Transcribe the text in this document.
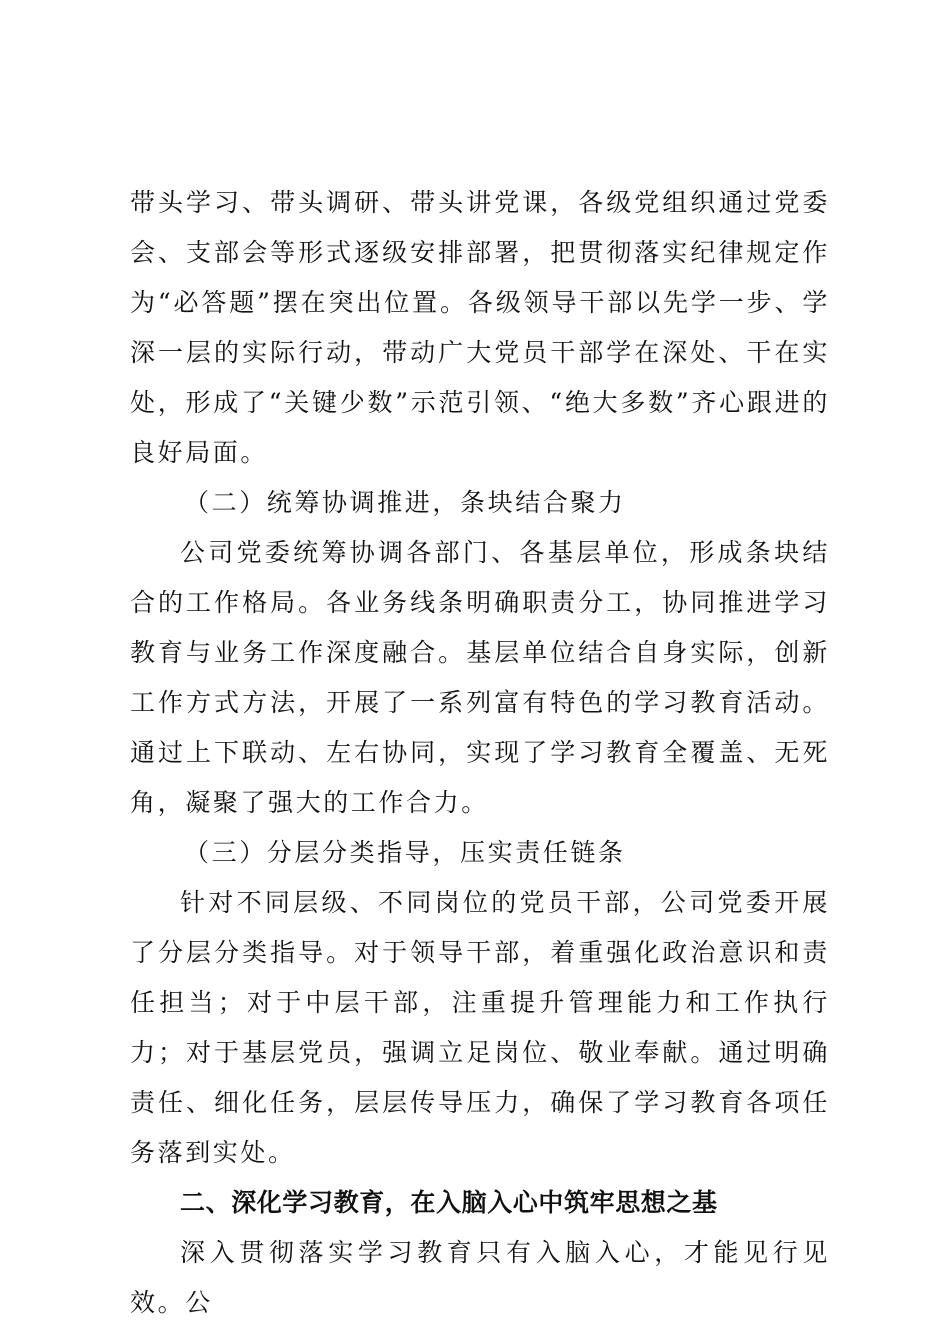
带头学习、带头调研、带头讲党课，各级党组织通过党委会、支部会等形式逐级安排部署，把贯彻落实纪律规定作为“必答题”摆在突出位置。各级领导干部以先学一步、学深一层的实际行动，带动广大党员干部学在深处、干在实处，形成了“关键少数”示范引领、“绝大多数”齐心跟进的良好局面。

（二）统筹协调推进，条块结合聚力

公司党委统筹协调各部门、各基层单位，形成条块结合的工作格局。各业务线条明确职责分工，协同推进学习教育与业务工作深度融合。基层单位结合自身实际，创新工作方式方法，开展了一系列富有特色的学习教育活动。通过上下联动、左右协同，实现了学习教育全覆盖、无死角，凝聚了强大的工作合力。

（三）分层分类指导，压实责任链条

针对不同层级、不同岗位的党员干部，公司党委开展了分层分类指导。对于领导干部，着重强化政治意识和责任担当；对于中层干部，注重提升管理能力和工作执行力；对于基层党员，强调立足岗位、敬业奉献。通过明确责任、细化任务，层层传导压力，确保了学习教育各项任务落到实处。

二、深化学习教育，在入脑入心中筑牢思想之基

深入贯彻落实学习教育只有入脑入心，才能见行见效。公
